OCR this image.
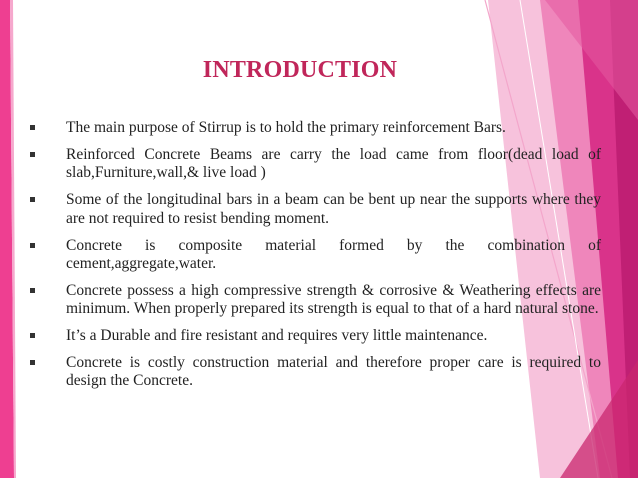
INTRODUCTION
The main purpose of Stirrup is to hold the primary reinforcement Bars.
Reinforced Concrete Beams are carry the load came from floor(dead load of slab,Furniture,wall,& live load )
Some of the longitudinal bars in a beam can be bent up near the supports where they are not required to resist bending moment.
Concrete is composite material formed by the combination of cement,aggregate,water.
Concrete possess a high compressive strength & corrosive & Weathering effects are minimum. When properly prepared its strength is equal to that of a hard natural stone.
It’s a Durable and fire resistant and requires very little maintenance.
Concrete is costly construction material and therefore proper care is required to design the Concrete.
